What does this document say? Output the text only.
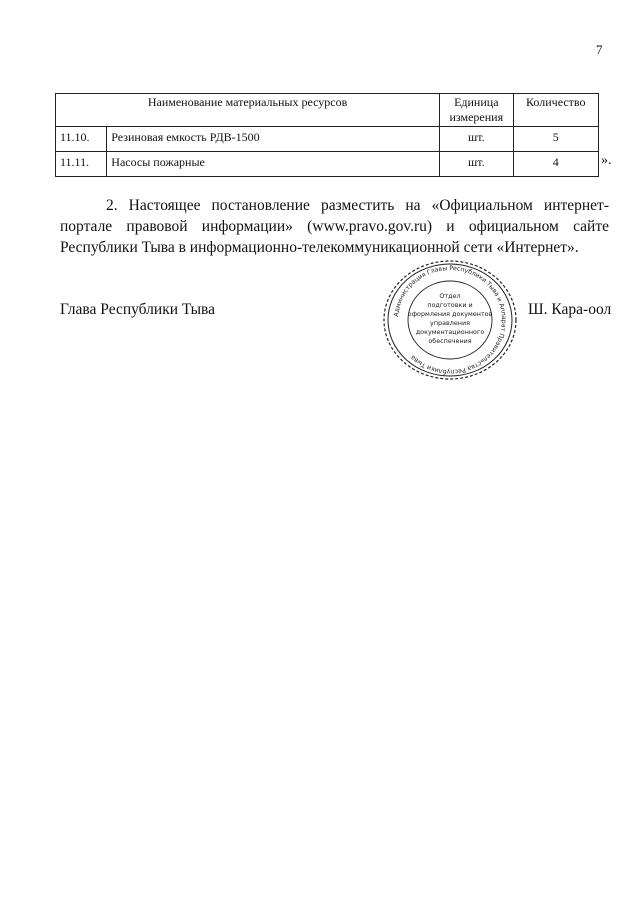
7
Наименование материальных ресурсов		Единица измерения	Количество
11.10.	Резиновая емкость РДВ-1500	шт.	5
11.11.	Насосы пожарные	шт.	4	».
2. Настоящее постановление разместить на «Официальном интернет-портале правовой информации» (www.pravo.gov.ru) и официальном сайте Республики Тыва в информационно-телекоммуникационной сети «Интернет».
Глава Республики Тыва	Администрация Главы Республики Тыва и Аппарат Правительства Республики Тыва
Отдел
подготовки и
оформления документов
управления
документационного
обеспечения
Ш. Кара-оол
